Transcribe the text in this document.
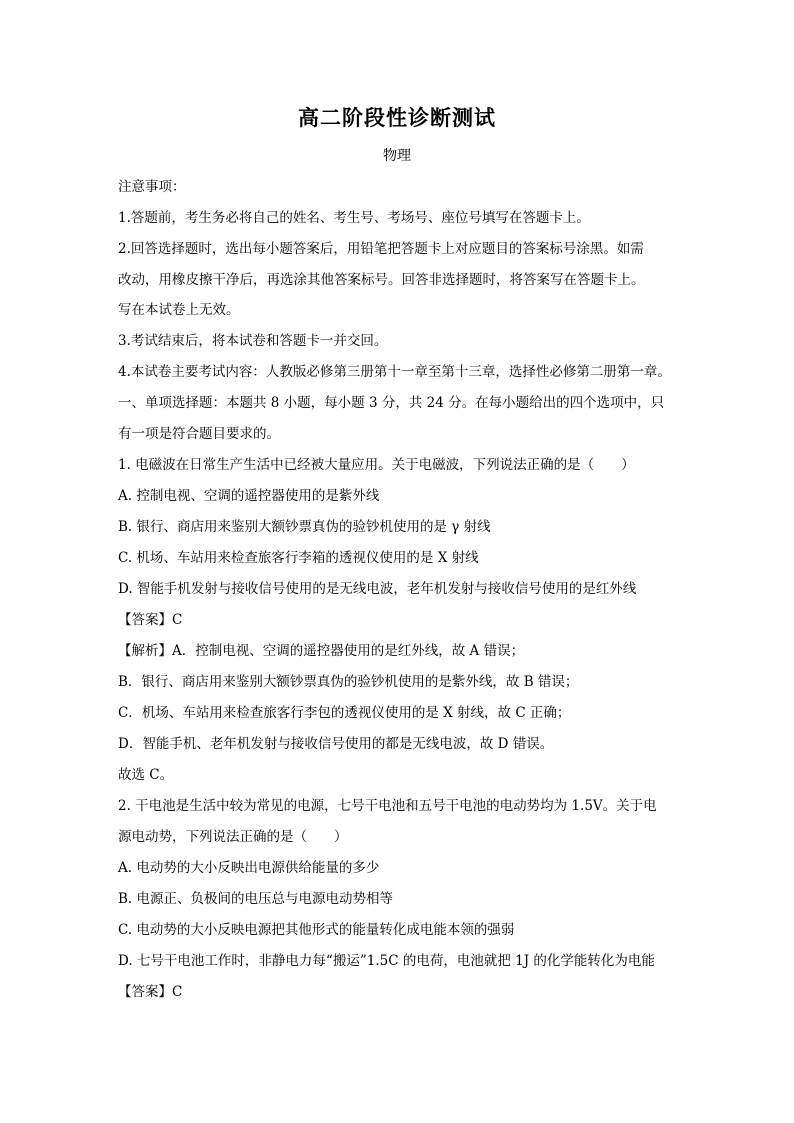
高二阶段性诊断测试
物理
注意事项：
1.答题前，考生务必将自己的姓名、考生号、考场号、座位号填写在答题卡上。
2.回答选择题时，选出每小题答案后，用铅笔把答题卡上对应题目的答案标号涂黑。如需
改动，用橡皮擦干净后，再选涂其他答案标号。回答非选择题时，将答案写在答题卡上。
写在本试卷上无效。
3.考试结束后，将本试卷和答题卡一并交回。
4.本试卷主要考试内容：人教版必修第三册第十一章至第十三章，选择性必修第二册第一章。
一、单项选择题：本题共 8 小题，每小题 3 分，共 24 分。在每小题给出的四个选项中，只
有一项是符合题目要求的。
1. 电磁波在日常生产生活中已经被大量应用。关于电磁波，下列说法正确的是（　　）
A. 控制电视、空调的遥控器使用的是紫外线
B. 银行、商店用来鉴别大额钞票真伪的验钞机使用的是 γ 射线
C. 机场、车站用来检查旅客行李箱的透视仪使用的是 X 射线
D. 智能手机发射与接收信号使用的是无线电波，老年机发射与接收信号使用的是红外线
【答案】C
【解析】A．控制电视、空调的遥控器使用的是红外线，故 A 错误；
B．银行、商店用来鉴别大额钞票真伪的验钞机使用的是紫外线，故 B 错误；
C．机场、车站用来检查旅客行李包的透视仪使用的是 X 射线，故 C 正确；
D．智能手机、老年机发射与接收信号使用的都是无线电波，故 D 错误。
故选 C。
2. 干电池是生活中较为常见的电源，七号干电池和五号干电池的电动势均为 1.5V。关于电
源电动势，下列说法正确的是（　　）
A. 电动势的大小反映出电源供给能量的多少
B. 电源正、负极间的电压总与电源电动势相等
C. 电动势的大小反映电源把其他形式的能量转化成电能本领的强弱
D. 七号干电池工作时，非静电力每“搬运”1.5C 的电荷，电池就把 1J 的化学能转化为电能
【答案】C
